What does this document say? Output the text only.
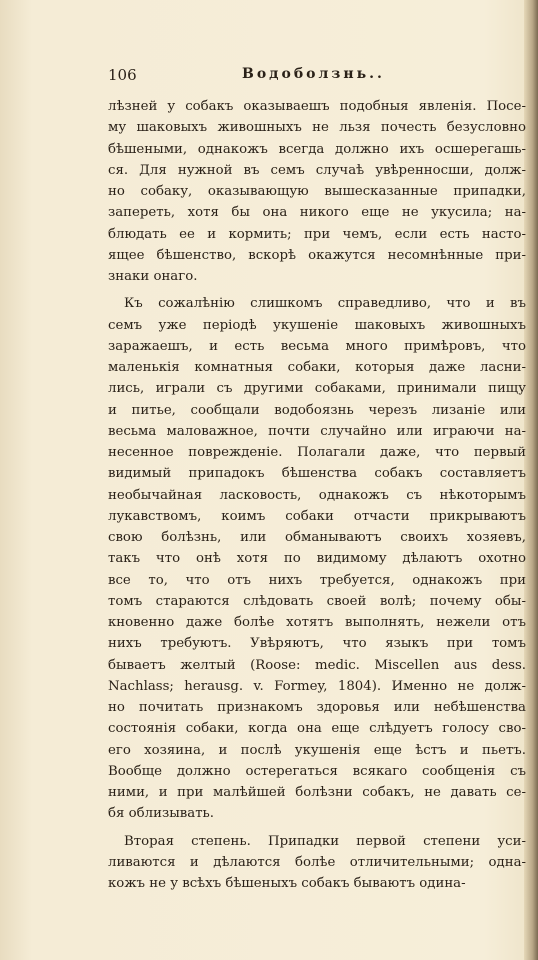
106	Водоболзнь..
лѣзней у собакъ оказываешъ подобныя явленія. Посе-
му шаковыхъ живошныхъ не льзя почесть безусловно
бѣшеными, однакожъ всегда должно ихъ осшерегашь-
ся. Для нужной въ семъ случаѣ увѣренносши, долж-
но собаку, оказывающую вышесказанные припадки,
запереть, хотя бы она никого еще не укусила; на-
блюдать ее и кормить; при чемъ, если есть насто-
ящее бѣшенство, вскорѣ окажутся несомнѣнные при-
знаки онаго.
Къ сожалѣнію слишкомъ справедливо, что и въ
семъ уже періодѣ укушеніе шаковыхъ живошныхъ
заражаешъ, и есть весьма много примѣровъ, что
маленькія комнатныя собаки, которыя даже ласни-
лись, играли съ другими собаками, принимали пищу
и питье, сообщали водобоязнь черезъ лизаніе или
весьма маловажное, почти случайно или играючи на-
несенное поврежденіе. Полагали даже, что первый
видимый припадокъ бѣшенства собакъ составляетъ
необычайная ласковость, однакожъ съ нѣкоторымъ
лукавствомъ, коимъ собаки отчасти прикрываютъ
свою болѣзнь, или обманываютъ своихъ хозяевъ,
такъ что онѣ хотя по видимому дѣлаютъ охотно
все то, что отъ нихъ требуется, однакожъ при
томъ стараются слѣдовать своей волѣ; почему обы-
кновенно даже болѣе хотятъ выполнять, нежели отъ
нихъ требуютъ. Увѣряютъ, что языкъ при томъ
бываетъ желтый (Roose: medic. Miscellen aus dess.
Nachlass; herausg. v. Formey, 1804). Именно не долж-
но почитать признакомъ здоровья или небѣшенства
состоянія собаки, когда она еще слѣдуетъ голосу сво-
его хозяина, и послѣ укушенія еще ѣстъ и пьетъ.
Вообще должно остерегаться всякаго сообщенія съ
ними, и при малѣйшей болѣзни собакъ, не давать се-
бя облизывать.
Вторая степень. Припадки первой степени уси-
ливаются и дѣлаются болѣе отличительными; одна-
кожъ не у всѣхъ бѣшеныхъ собакъ бываютъ одина-
